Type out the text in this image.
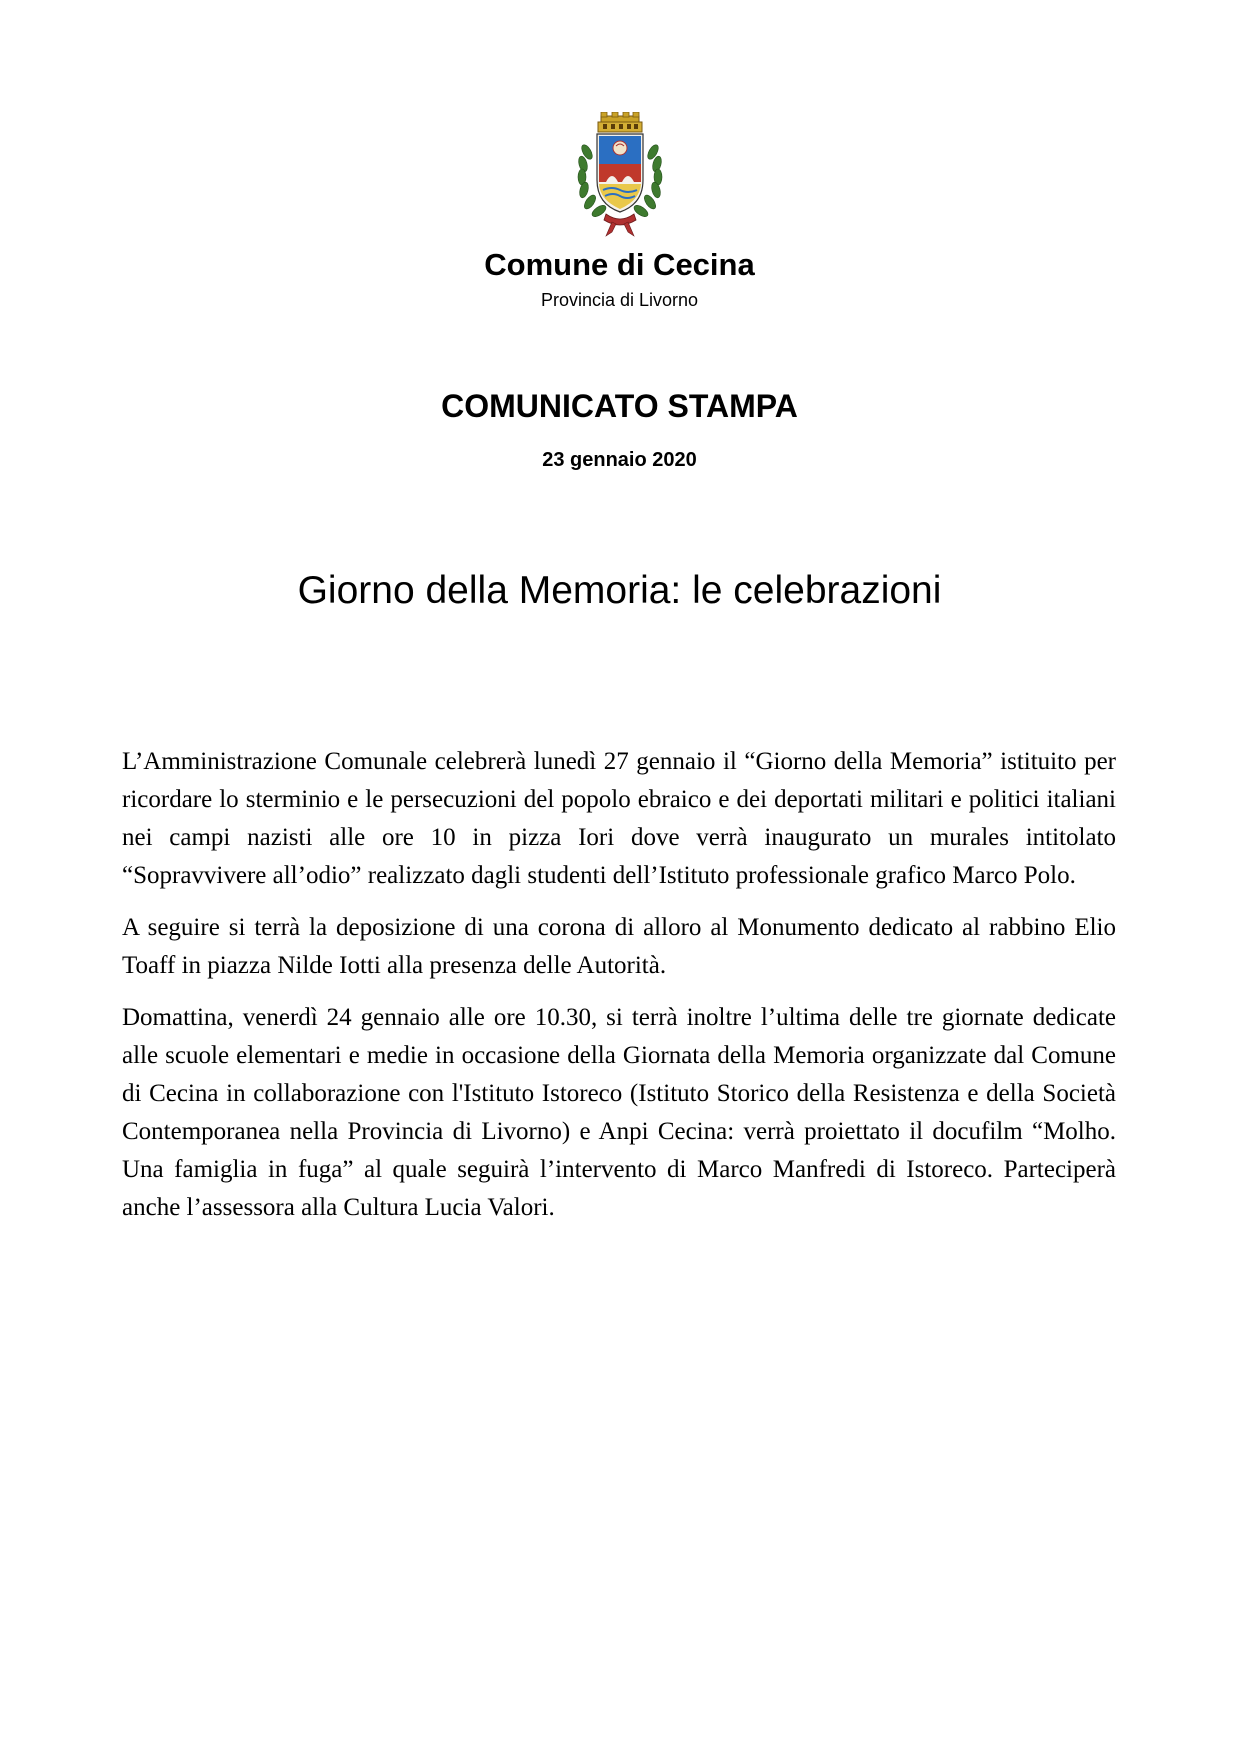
Comune di Cecina
Provincia di Livorno
COMUNICATO STAMPA
23 gennaio 2020
Giorno della Memoria: le celebrazioni

L’Amministrazione Comunale celebrerà lunedì 27 gennaio il “Giorno della Memoria” istituito per ricordare lo sterminio e le persecuzioni del popolo ebraico e dei deportati militari e politici italiani nei campi nazisti alle ore 10 in pizza Iori dove verrà inaugurato un murales intitolato “Sopravvivere all’odio” realizzato dagli studenti dell’Istituto professionale grafico Marco Polo.

A seguire si terrà la deposizione di una corona di alloro al Monumento dedicato al rabbino Elio Toaff in piazza Nilde Iotti alla presenza delle Autorità.

Domattina, venerdì 24 gennaio alle ore 10.30, si terrà inoltre l’ultima delle tre giornate dedicate alle scuole elementari e medie in occasione della Giornata della Memoria organizzate dal Comune di Cecina in collaborazione con l'Istituto Istoreco (Istituto Storico della Resistenza e della Società Contemporanea nella Provincia di Livorno) e Anpi Cecina: verrà proiettato il docufilm “Molho. Una famiglia in fuga” al quale seguirà l’intervento di Marco Manfredi di Istoreco. Parteciperà anche l’assessora alla Cultura Lucia Valori.
